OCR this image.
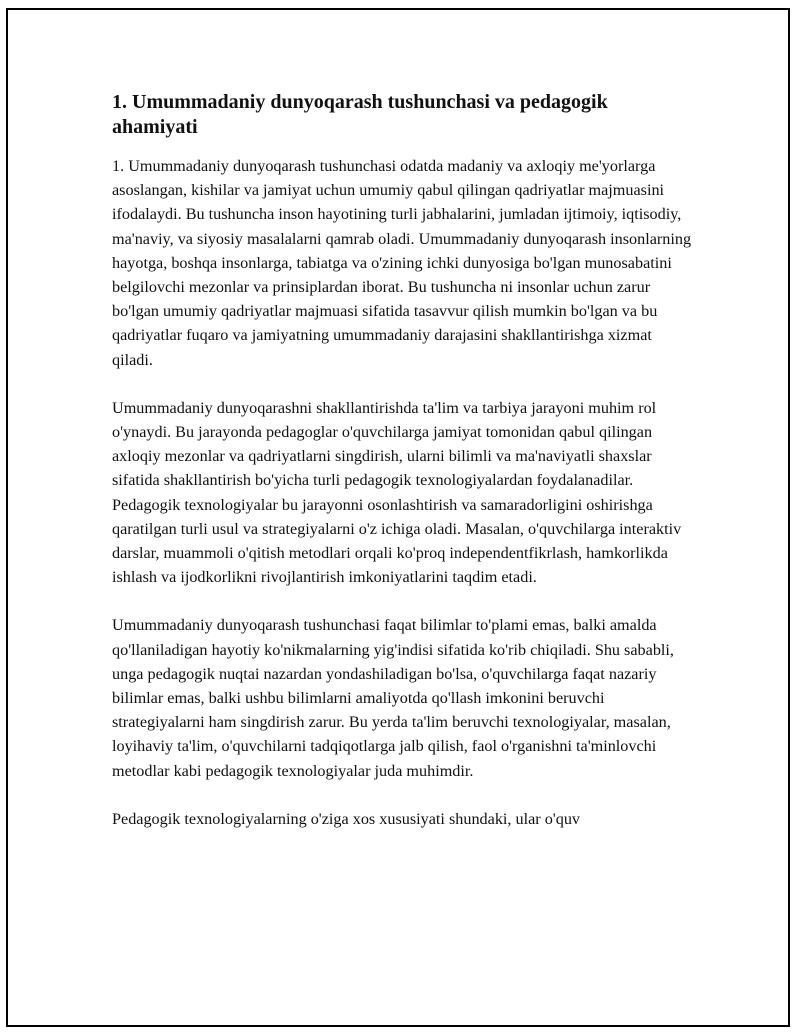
1. Umummadaniy dunyoqarash tushunchasi va pedagogik ahamiyati

1. Umummadaniy dunyoqarash tushunchasi odatda madaniy va axloqiy me'yorlarga asoslangan, kishilar va jamiyat uchun umumiy qabul qilingan qadriyatlar majmuasini ifodalaydi. Bu tushuncha inson hayotining turli jabhalarini, jumladan ijtimoiy, iqtisodiy, ma'naviy, va siyosiy masalalarni qamrab oladi. Umummadaniy dunyoqarash insonlarning hayotga, boshqa insonlarga, tabiatga va o'zining ichki dunyosiga bo'lgan munosabatini belgilovchi mezonlar va prinsiplardan iborat. Bu tushuncha ni insonlar uchun zarur bo'lgan umumiy qadriyatlar majmuasi sifatida tasavvur qilish mumkin bo'lgan va bu qadriyatlar fuqaro va jamiyatning umummadaniy darajasini shakllantirishga xizmat qiladi.

Umummadaniy dunyoqarashni shakllantirishda ta'lim va tarbiya jarayoni muhim rol o'ynaydi. Bu jarayonda pedagoglar o'quvchilarga jamiyat tomonidan qabul qilingan axloqiy mezonlar va qadriyatlarni singdirish, ularni bilimli va ma'naviyatli shaxslar sifatida shakllantirish bo'yicha turli pedagogik texnologiyalardan foydalanadilar. Pedagogik texnologiyalar bu jarayonni osonlashtirish va samaradorligini oshirishga qaratilgan turli usul va strategiyalarni o'z ichiga oladi. Masalan, o'quvchilarga interaktiv darslar, muammoli o'qitish metodlari orqali ko'proq independentfikrlash, hamkorlikda ishlash va ijodkorlikni rivojlantirish imkoniyatlarini taqdim etadi.

Umummadaniy dunyoqarash tushunchasi faqat bilimlar to'plami emas, balki amalda qo'llaniladigan hayotiy ko'nikmalarning yig'indisi sifatida ko'rib chiqiladi. Shu sababli, unga pedagogik nuqtai nazardan yondashiladigan bo'lsa, o'quvchilarga faqat nazariy bilimlar emas, balki ushbu bilimlarni amaliyotda qo'llash imkonini beruvchi strategiyalarni ham singdirish zarur. Bu yerda ta'lim beruvchi texnologiyalar, masalan, loyihaviy ta'lim, o'quvchilarni tadqiqotlarga jalb qilish, faol o'rganishni ta'minlovchi metodlar kabi pedagogik texnologiyalar juda muhimdir.

Pedagogik texnologiyalarning o'ziga xos xususiyati shundaki, ular o'quv
